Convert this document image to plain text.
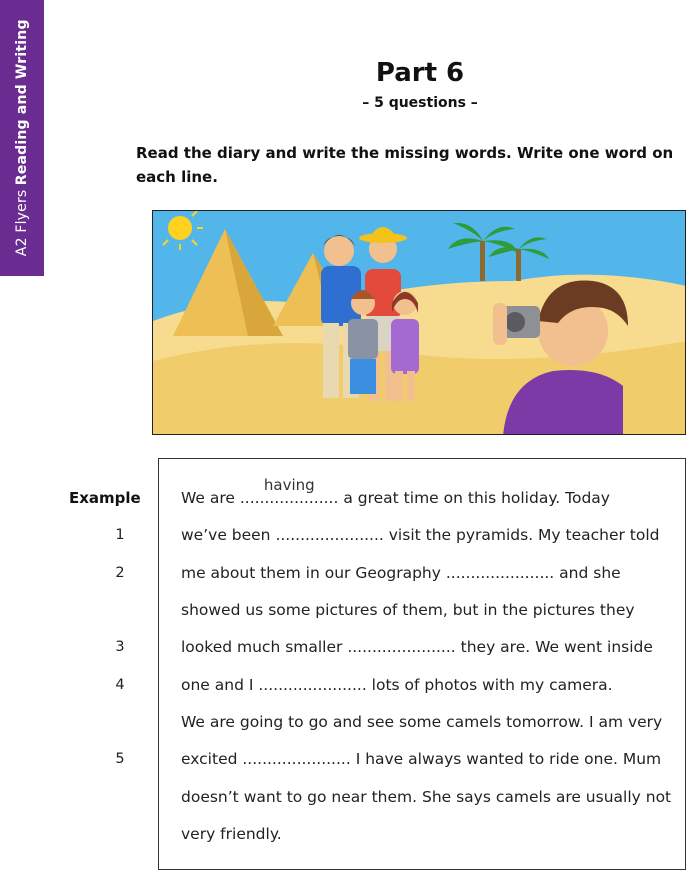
A2 Flyers Reading and Writing	Part 6
– 5 questions –
Read the diary and write the missing words. Write one word on each line.
Example	We are ....................
having
a great time on this holiday. Today
1	we’ve been ...................... visit the pyramids. My teacher told
2	me about them in our Geography ...................... and she
showed us some pictures of them, but in the pictures they
3	looked much smaller ...................... they are. We went inside
4	one and I ...................... lots of photos with my camera.
We are going to go and see some camels tomorrow. I am very
5	excited ...................... I have always wanted to ride one. Mum
doesn’t want to go near them. She says camels are usually not
very friendly.
